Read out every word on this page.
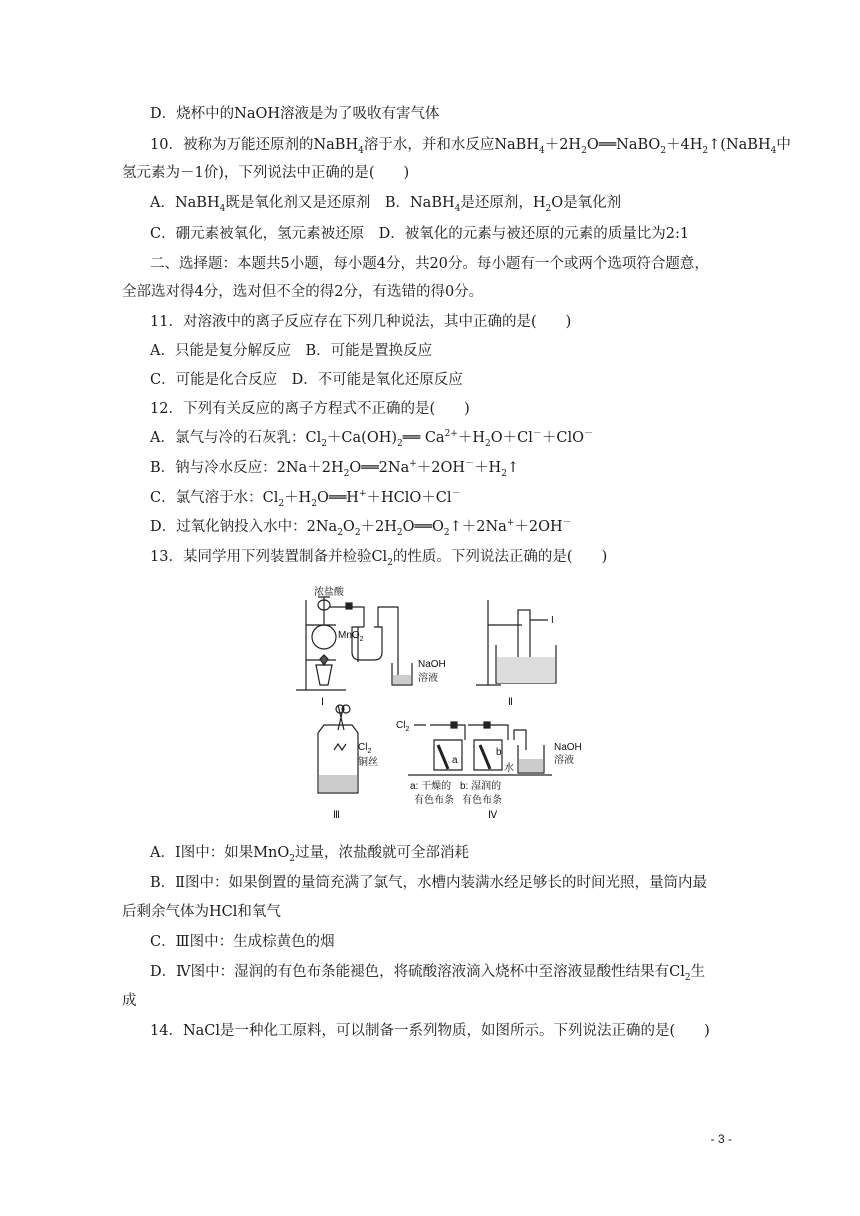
D．烧杯中的NaOH溶液是为了吸收有害气体
10．被称为万能还原剂的NaBH$_4$溶于水，并和水反应$NaBH_4+2H_2O══NaBO_2+4H_2↑(NaBH_4$中
氢元素为－1价)，下列说法中正确的是(　　)
A．NaBH$_4$既是氧化剂又是还原剂　B．NaBH$_4$是还原剂，$H_2O$是氧化剂
C．硼元素被氧化，氢元素被还原　D．被氧化的元素与被还原的元素的质量比为2:1
二、选择题：本题共5小题，每小题4分，共20分。每小题有一个或两个选项符合题意，
全部选对得4分，选对但不全的得2分，有选错的得0分。
11．对溶液中的离子反应存在下列几种说法，其中正确的是(　　)
A．只能是复分解反应　B．可能是置换反应
C．可能是化合反应　D．不可能是氧化还原反应
12．下列有关反应的离子方程式不正确的是(　　)
A．氯气与冷的石灰乳：$Cl_2+Ca(OH)_2══$ $Ca^{2+}+H_2O+Cl^-+ClO^-$
B．钠与冷水反应：$2Na+2H_2O══2Na^++2OH^-+H_2↑$
C．氯气溶于水：$Cl_2+H_2O══H^++HClO+Cl^-$
D．过氧化钠投入水中：$2Na_2O_2+2H_2O══O_2↑+2Na^++2OH^-$
13．某同学用下列装置制备并检验$Cl_2$的性质。下列说法正确的是(　　)
浓盐酸
MnO$_2$
NaOH
溶液
Ⅰ
I
Ⅱ
$Cl_2$
铜丝
Ⅲ
$Cl_2$
a
b
水
NaOH
溶液
a: 干燥的
有色布条
b: 湿润的
有色布条
Ⅳ
A．Ⅰ图中：如果MnO$_2$过量，浓盐酸就可全部消耗
B．Ⅱ图中：如果倒置的量筒充满了氯气，水槽内装满水经足够长的时间光照，量筒内最
后剩余气体为HCl和氧气
C．Ⅲ图中：生成棕黄色的烟
D．Ⅳ图中：湿润的有色布条能褪色，将硫酸溶液滴入烧杯中至溶液显酸性结果有$Cl_2$生
成
14．NaCl是一种化工原料，可以制备一系列物质，如图所示。下列说法正确的是(　　)
- 3 -
